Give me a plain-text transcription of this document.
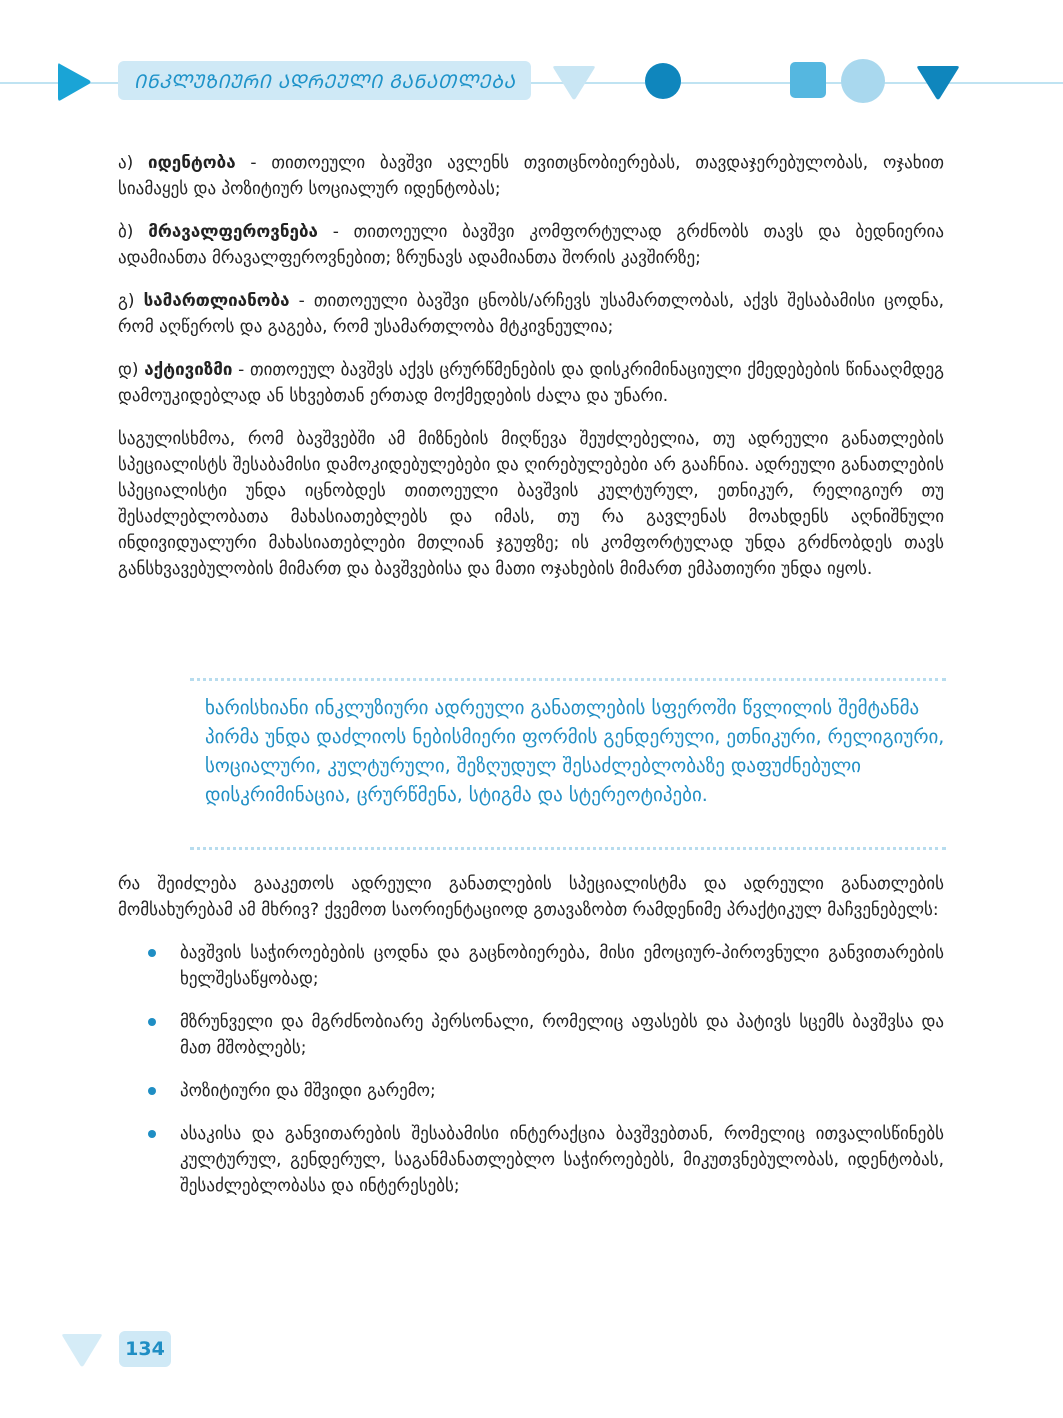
ᲘᲜᲙᲚᲣᲖᲘᲣᲠᲘ ᲐᲓᲠᲔᲣᲚᲘ ᲒᲐᲜᲐᲗᲚᲔᲑᲐ

ა) იდენტობა - თითოეული ბავშვი ავლენს თვითცნობიერებას, თავდაჯერებულობას, ოჯახით სიამაყეს და პოზიტიურ სოციალურ იდენტობას;

ბ) მრავალფეროვნება - თითოეული ბავშვი კომფორტულად გრძნობს თავს და ბედნიერია ადამიანთა მრავალფეროვნებით; ზრუნავს ადამიანთა შორის კავშირზე;

გ) სამართლიანობა - თითოეული ბავშვი ცნობს/არჩევს უსამართლობას, აქვს შესაბამისი ცოდნა, რომ აღწეროს და გაგება, რომ უსამართლობა მტკივნეულია;

დ) აქტივიზმი - თითოეულ ბავშვს აქვს ცრურწმენების და დისკრიმინაციული ქმედებების წინააღმდეგ დამოუკიდებლად ან სხვებთან ერთად მოქმედების ძალა და უნარი.

საგულისხმოა, რომ ბავშვებში ამ მიზნების მიღწევა შეუძლებელია, თუ ადრეული განათლების სპეციალისტს შესაბამისი დამოკიდებულებები და ღირებულებები არ გააჩნია. ადრეული განათლების სპეციალისტი უნდა იცნობდეს თითოეული ბავშვის კულტურულ, ეთნიკურ, რელიგიურ თუ შესაძლებლობათა მახასიათებლებს და იმას, თუ რა გავლენას მოახდენს აღნიშნული ინდივიდუალური მახასიათებლები მთლიან ჯგუფზე; ის კომფორტულად უნდა გრძნობდეს თავს განსხვავებულობის მიმართ და ბავშვებისა და მათი ოჯახების მიმართ ემპათიური უნდა იყოს.

ხარისხიანი ინკლუზიური ადრეული განათლების სფეროში წვლილის შემტანმა პირმა უნდა დაძლიოს ნებისმიერი ფორმის გენდერული, ეთნიკური, რელიგიური, სოციალური, კულტურული, შეზღუდულ შესაძლებლობაზე დაფუძნებული დისკრიმინაცია, ცრურწმენა, სტიგმა და სტერეოტიპები.

რა შეიძლება გააკეთოს ადრეული განათლების სპეციალისტმა და ადრეული განათლების მომსახურებამ ამ მხრივ? ქვემოთ საორიენტაციოდ გთავაზობთ რამდენიმე პრაქტიკულ მაჩვენებელს:

ბავშვის საჭიროებების ცოდნა და გაცნობიერება, მისი ემოციურ-პიროვნული განვითარების ხელშესაწყობად;
მზრუნველი და მგრძნობიარე პერსონალი, რომელიც აფასებს და პატივს სცემს ბავშვსა და მათ მშობლებს;
პოზიტიური და მშვიდი გარემო;
ასაკისა და განვითარების შესაბამისი ინტერაქცია ბავშვებთან, რომელიც ითვალისწინებს კულტურულ, გენდერულ, საგანმანათლებლო საჭიროებებს, მიკუთვნებულობას, იდენტობას, შესაძლებლობასა და ინტერესებს;
134
